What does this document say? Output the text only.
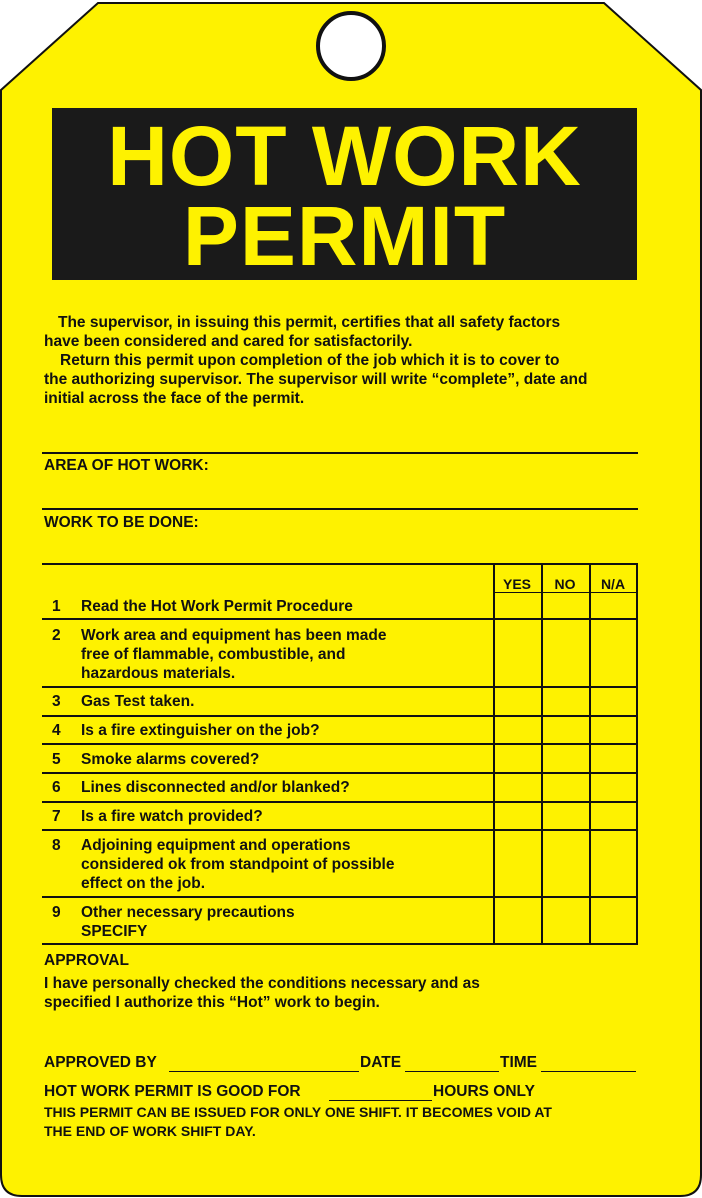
HOT WORK
PERMIT
The supervisor, in issuing this permit, certifies that all safety factors
have been considered and cared for satisfactorily.
Return this permit upon completion of the job which it is to cover to
the authorizing supervisor. The supervisor will write “complete”, date and
initial across the face of the permit.
AREA OF HOT WORK:
WORK TO BE DONE:
YES	NO	N/A
1 Read the Hot Work Permit Procedure
2 Work area and equipment has been made
free of flammable, combustible, and
hazardous materials.
3 Gas Test taken.
4 Is a fire extinguisher on the job?
5 Smoke alarms covered?
6 Lines disconnected and/or blanked?
7 Is a fire watch provided?
8 Adjoining equipment and operations
considered ok from standpoint of possible
effect on the job.
9 Other necessary precautions
SPECIFY
APPROVAL
I have personally checked the conditions necessary and as
specified I authorize this “Hot” work to begin.
APPROVED BY	DATE	TIME
HOT WORK PERMIT IS GOOD FOR	HOURS ONLY
THIS PERMIT CAN BE ISSUED FOR ONLY ONE SHIFT. IT BECOMES VOID AT
THE END OF WORK SHIFT DAY.
